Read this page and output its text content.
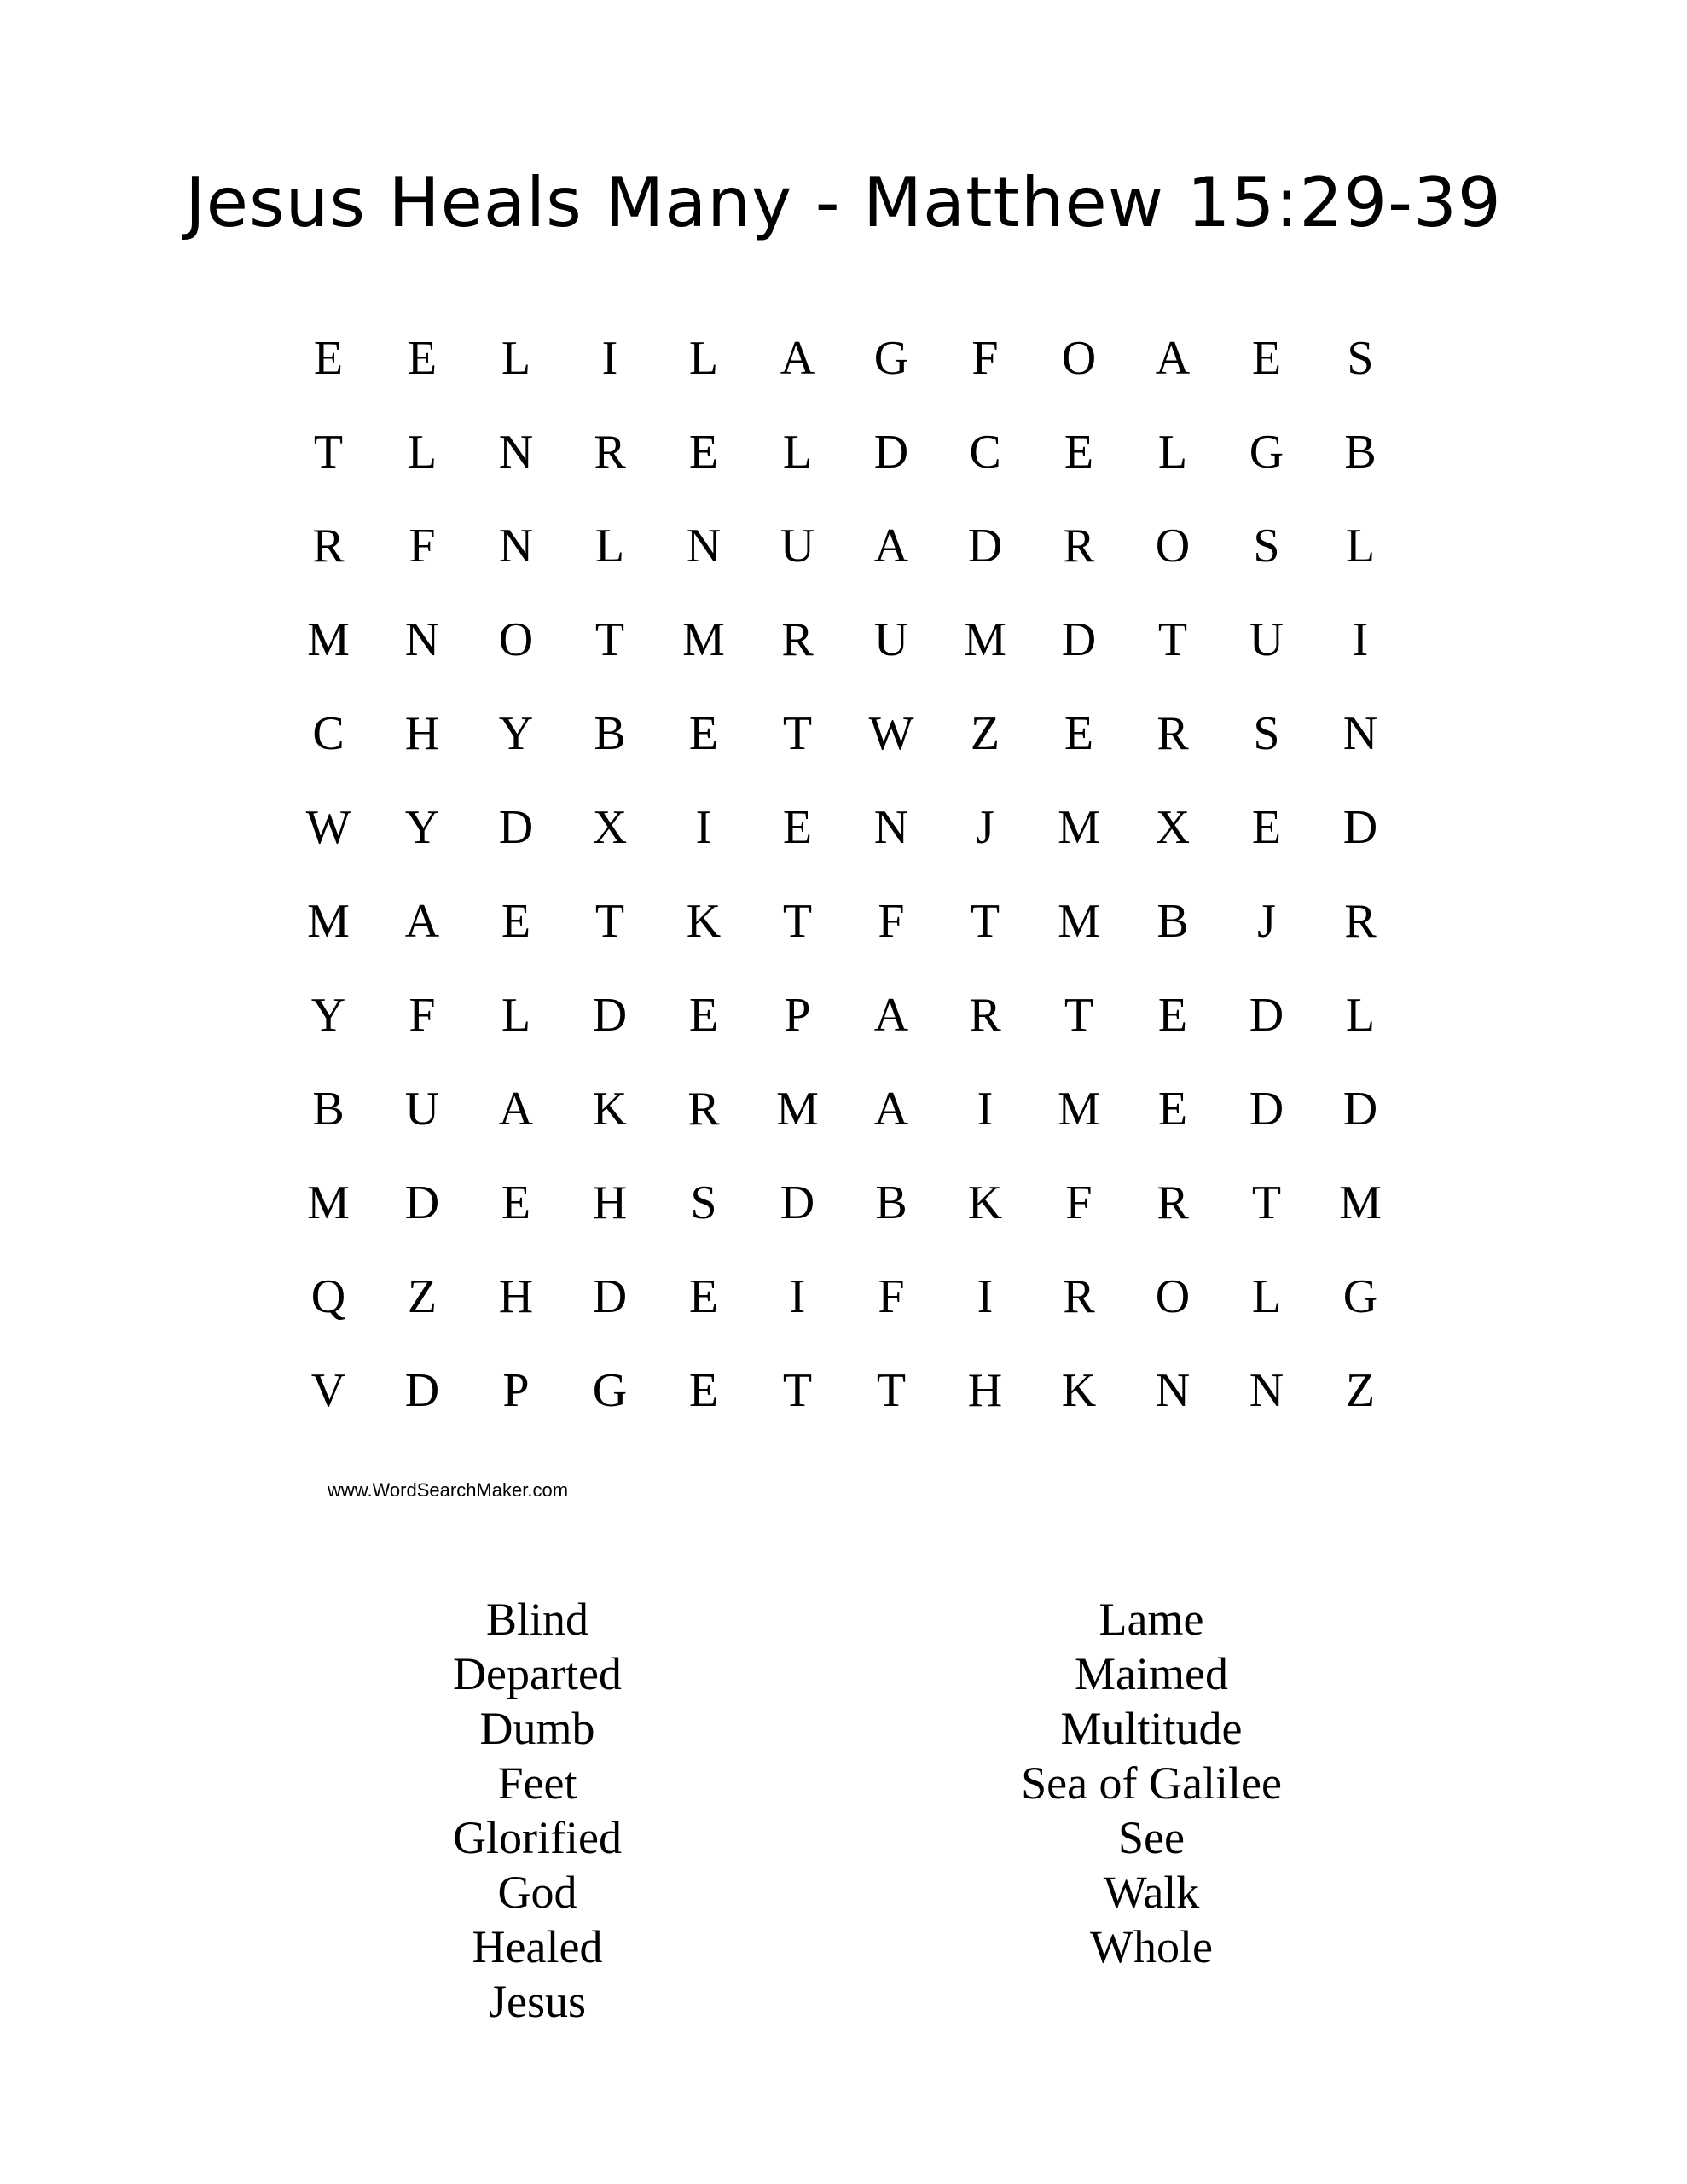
Jesus Heals Many - Matthew 15:29-39
E	E	L	I	L	A	G	F	O	A	E	S
T	L	N	R	E	L	D	C	E	L	G	B
R	F	N	L	N	U	A	D	R	O	S	L
M	N	O	T	M	R	U	M	D	T	U	I
C	H	Y	B	E	T	W	Z	E	R	S	N
W	Y	D	X	I	E	N	J	M	X	E	D
M	A	E	T	K	T	F	T	M	B	J	R
Y	F	L	D	E	P	A	R	T	E	D	L
B	U	A	K	R	M	A	I	M	E	D	D
M	D	E	H	S	D	B	K	F	R	T	M
Q	Z	H	D	E	I	F	I	R	O	L	G
V	D	P	G	E	T	T	H	K	N	N	Z
www.WordSearchMaker.com
Blind
Departed
Dumb
Feet
Glorified
God
Healed
Jesus
Lame
Maimed
Multitude
Sea of Galilee
See
Walk
Whole
